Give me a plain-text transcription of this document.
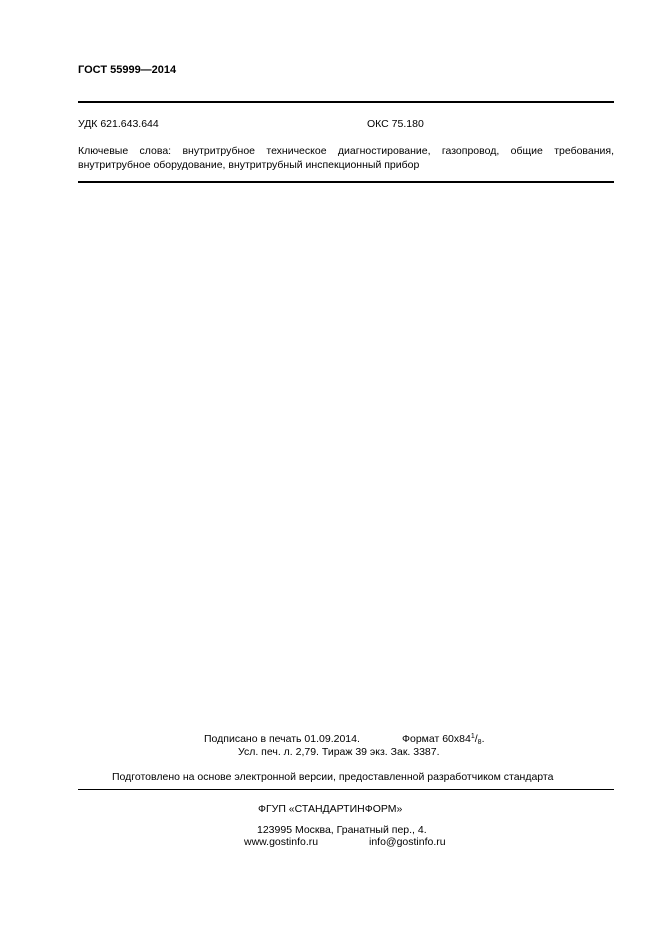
ГОСТ 55999—2014
УДК 621.643.644	ОКС 75.180
Ключевые слова: внутритрубное техническое диагностирование, газопровод, общие требования,
внутритрубное оборудование, внутритрубный инспекционный прибор
Подписано в печать 01.09.2014.	Формат $60х84^1/_8$.
Усл. печ. л. 2,79. Тираж 39 экз. Зак. 3387.
Подготовлено на основе электронной версии, предоставленной разработчиком стандарта
ФГУП «СТАНДАРТИНФОРМ»
123995 Москва, Гранатный пер., 4.
www.gostinfo.ru	info@gostinfo.ru
